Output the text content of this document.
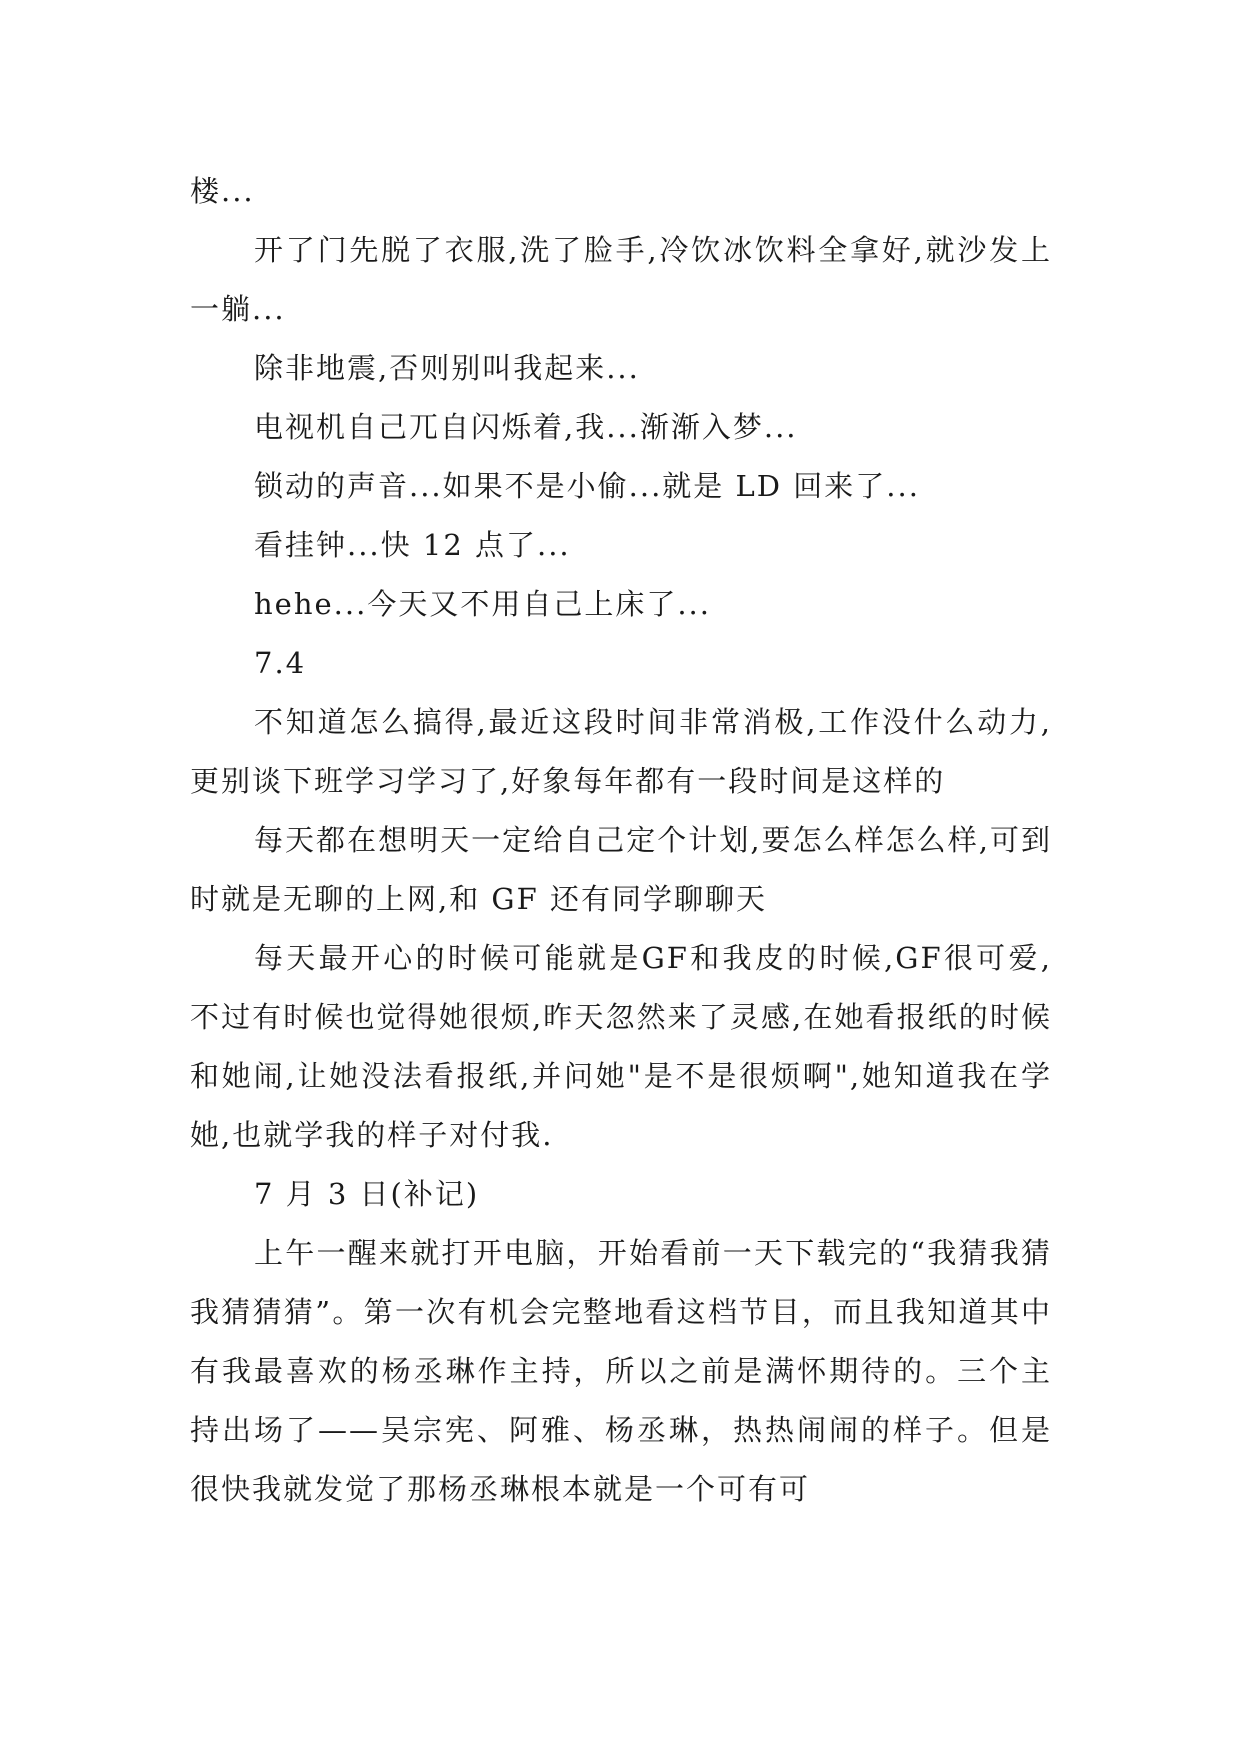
楼...

开了门先脱了衣服,洗了脸手,冷饮冰饮料全拿好,就沙发上一躺...

除非地震,否则别叫我起来...

电视机自己兀自闪烁着,我...渐渐入梦...

锁动的声音...如果不是小偷...就是 LD 回来了...

看挂钟...快 12 点了...

hehe...今天又不用自己上床了...

7.4

不知道怎么搞得,最近这段时间非常消极,工作没什么动力,更别谈下班学习学习了,好象每年都有一段时间是这样的

每天都在想明天一定给自己定个计划,要怎么样怎么样,可到时就是无聊的上网,和 GF 还有同学聊聊天

每天最开心的时候可能就是GF和我皮的时候,GF很可爱,不过有时候也觉得她很烦,昨天忽然来了灵感,在她看报纸的时候和她闹,让她没法看报纸,并问她"是不是很烦啊",她知道我在学她,也就学我的样子对付我.

7 月 3 日(补记)

上午一醒来就打开电脑，开始看前一天下载完的“我猜我猜我猜猜猜”。第一次有机会完整地看这档节目，而且我知道其中有我最喜欢的杨丞琳作主持，所以之前是满怀期待的。三个主持出场了——吴宗宪、阿雅、杨丞琳，热热闹闹的样子。但是很快我就发觉了那杨丞琳根本就是一个可有可
